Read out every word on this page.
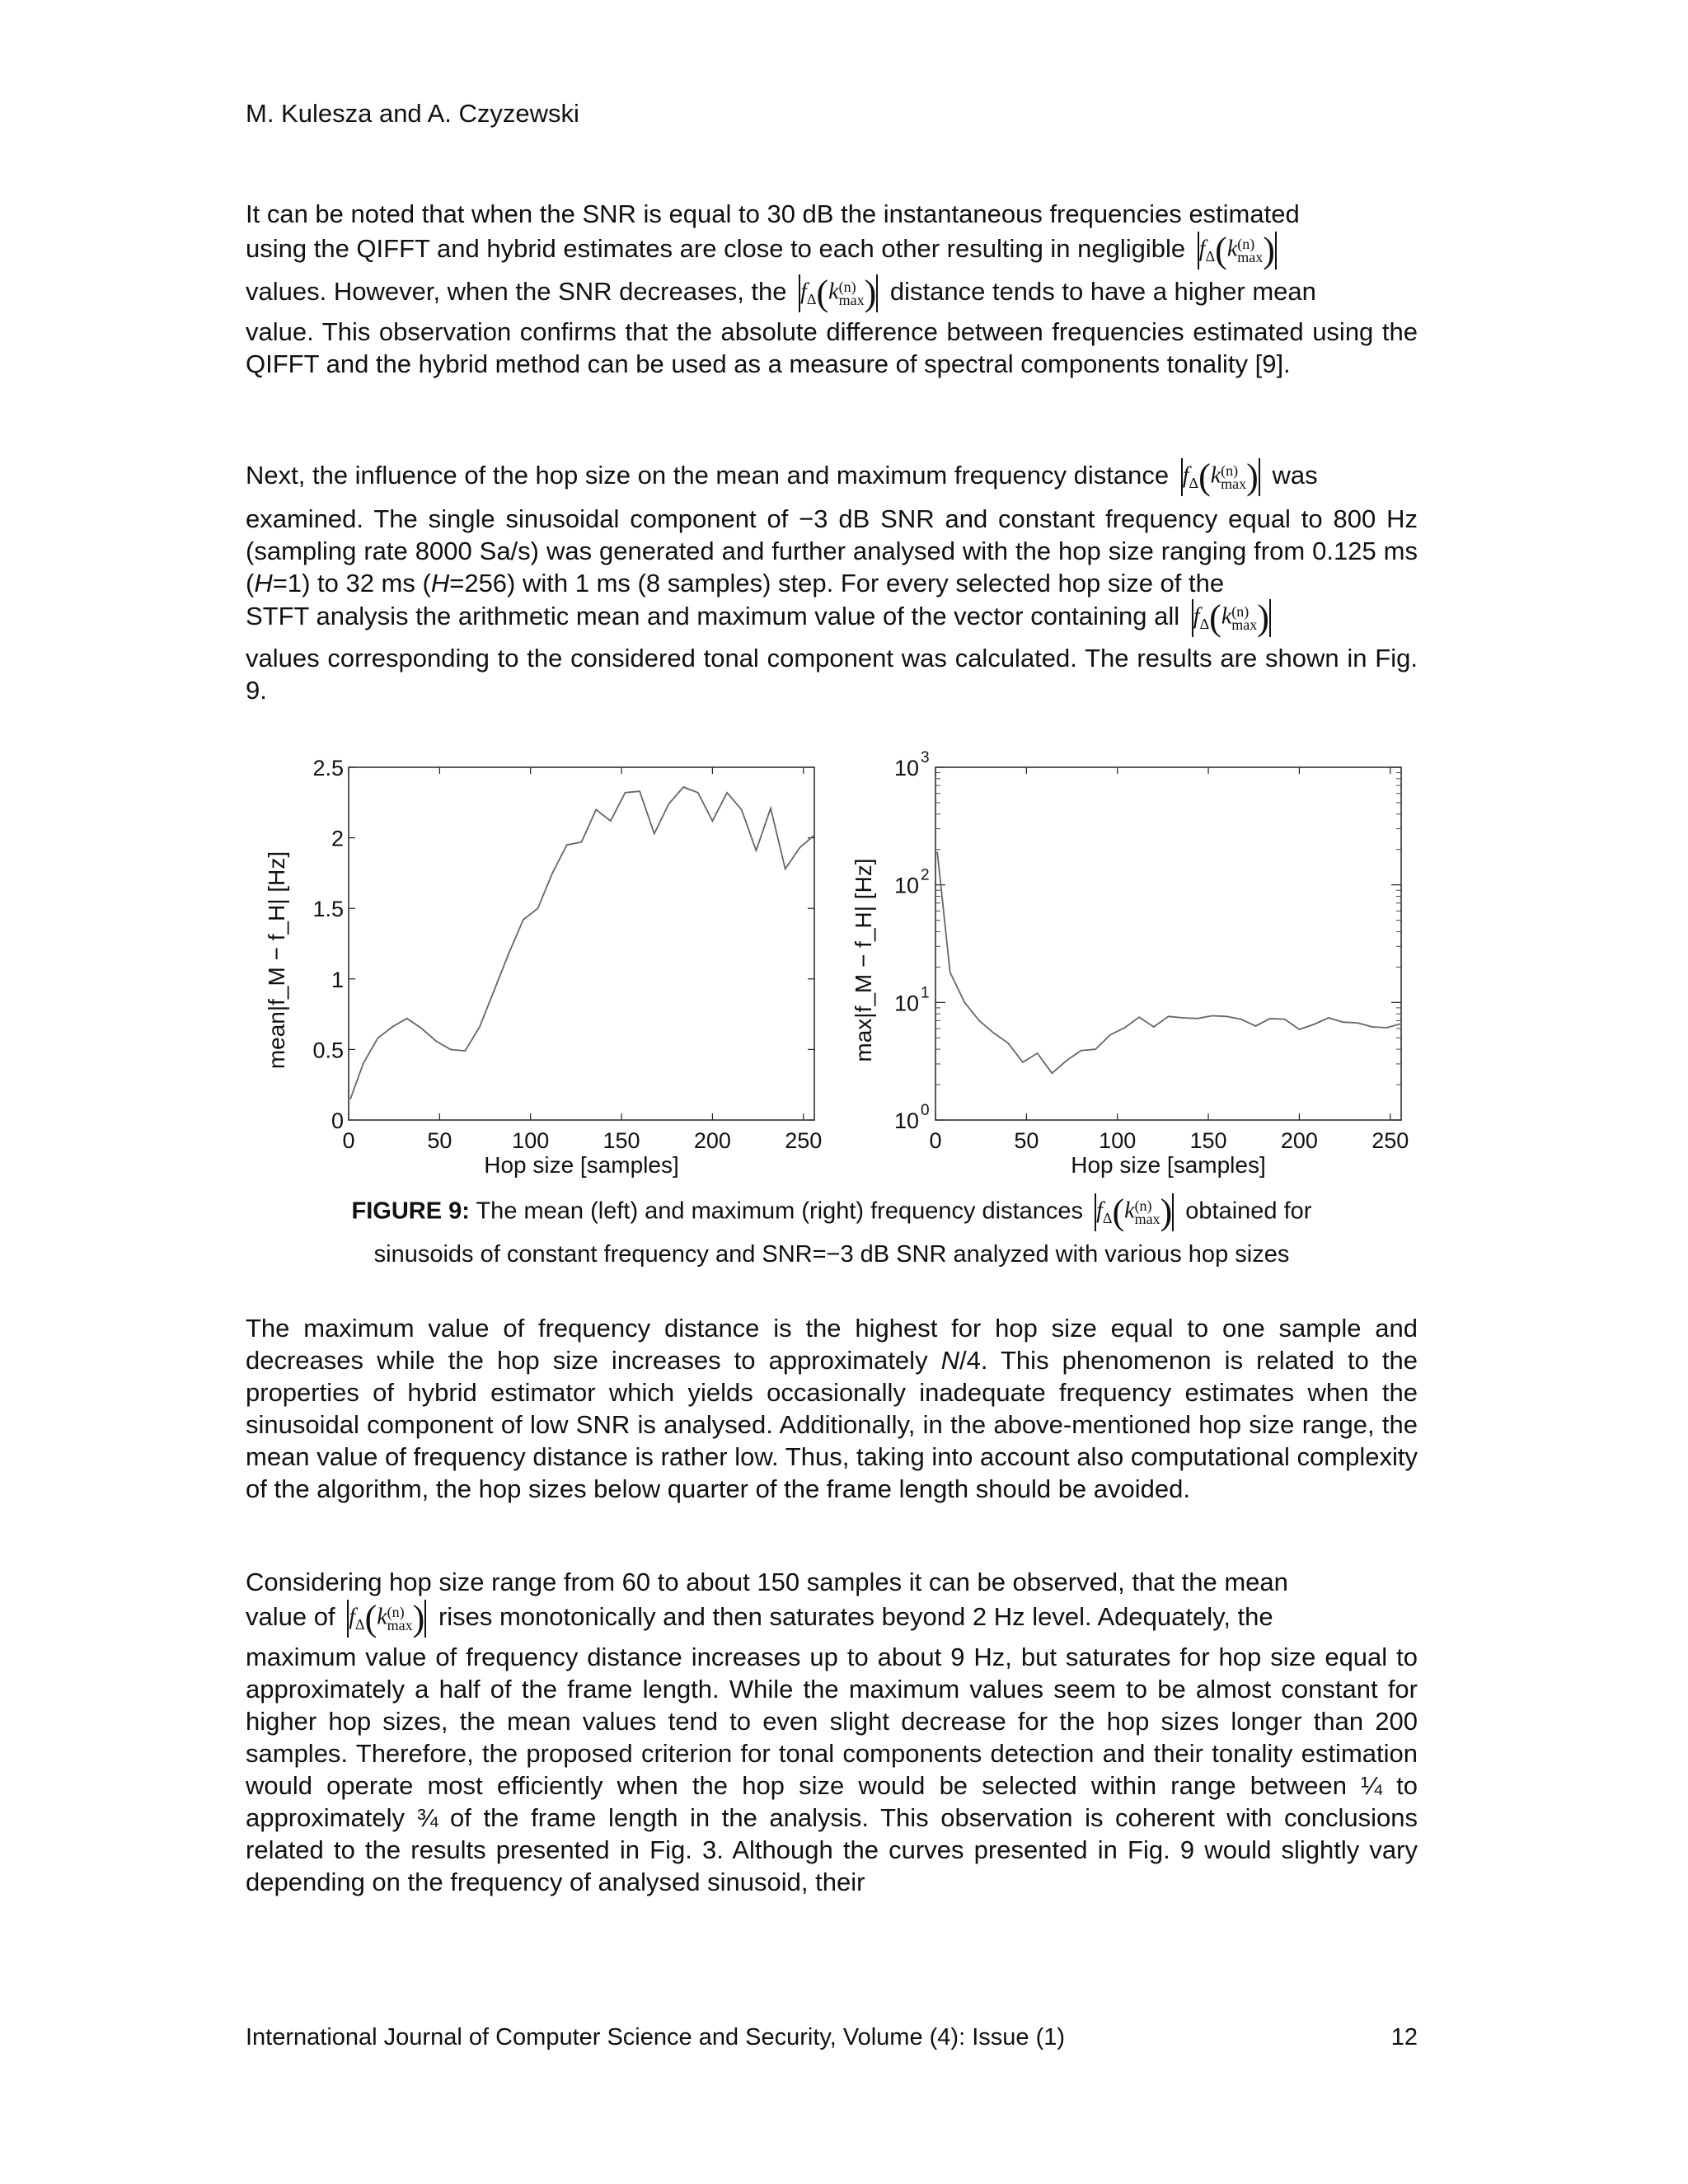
M. Kulesza and A. Czyzewski
It can be noted that when the SNR is equal to 30 dB the instantaneous frequencies estimated
using the QIFFT and hybrid estimates are close to each other resulting in negligible $f_\Delta(k$ (n)
max )
values. However, when the SNR decreases, the $f_\Delta(k$ (n)
max ) distance tends to have a higher mean
value. This observation confirms that the absolute difference between frequencies estimated using the QIFFT and the hybrid method can be used as a measure of spectral components tonality [9].
Next, the influence of the hop size on the mean and maximum frequency distance $f_\Delta(k$ (n)
max ) was
examined. The single sinusoidal component of −3 dB SNR and constant frequency equal to 800 Hz (sampling rate 8000 Sa/s) was generated and further analysed with the hop size ranging from 0.125 ms (H=1) to 32 ms (H=256) with 1 ms (8 samples) step. For every selected hop size of the
STFT analysis the arithmetic mean and maximum value of the vector containing all $f_\Delta(k$ (n)
max )
values corresponding to the considered tonal component was calculated. The results are shown in Fig. 9.
0	50	100 150 200 250
0
0.5
1
1.5
2
2.5
Hop size [samples]
mean|f_M − f_H| [Hz]
0	50	100 150 200 250
10 0
10 1
10 2
10 3
Hop size [samples]
max|f_M − f_H| [Hz]
FIGURE 9: The mean (left) and maximum (right) frequency distances $f_\Delta(k$ (n)
max ) obtained for
sinusoids of constant frequency and SNR=−3 dB SNR analyzed with various hop sizes
The maximum value of frequency distance is the highest for hop size equal to one sample and decreases while the hop size increases to approximately N/4. This phenomenon is related to the properties of hybrid estimator which yields occasionally inadequate frequency estimates when the sinusoidal component of low SNR is analysed. Additionally, in the above-mentioned hop size range, the mean value of frequency distance is rather low. Thus, taking into account also computational complexity of the algorithm, the hop sizes below quarter of the frame length should be avoided.
Considering hop size range from 60 to about 150 samples it can be observed, that the mean
value of $f_\Delta(k$ (n)
max ) rises monotonically and then saturates beyond 2 Hz level. Adequately, the
maximum value of frequency distance increases up to about 9 Hz, but saturates for hop size equal to approximately a half of the frame length. While the maximum values seem to be almost constant for higher hop sizes, the mean values tend to even slight decrease for the hop sizes longer than 200 samples. Therefore, the proposed criterion for tonal components detection and their tonality estimation would operate most efficiently when the hop size would be selected within range between ¼ to approximately ¾ of the frame length in the analysis. This observation is coherent with conclusions related to the results presented in Fig. 3. Although the curves presented in Fig. 9 would slightly vary depending on the frequency of analysed sinusoid, their
International Journal of Computer Science and Security, Volume (4): Issue (1)	12
